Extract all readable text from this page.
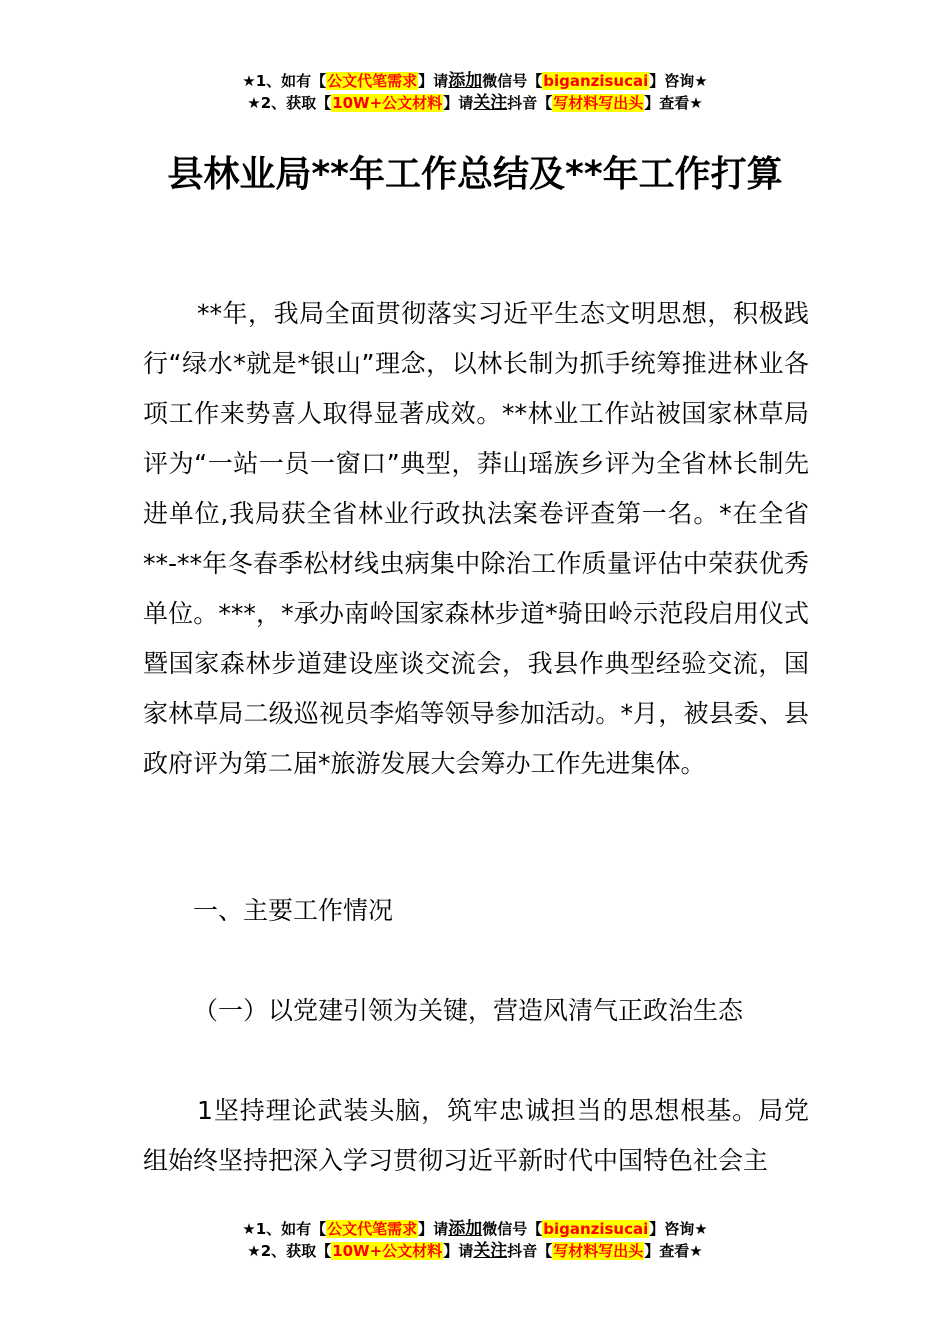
★1、如有【公文代笔需求】请添加微信号【biganzisucai】咨询★
★2、获取【10W+公文材料】请关注抖音【写材料写出头】查看★
县林业局**年工作总结及**年工作打算
**年，我局全面贯彻落实习近平生态文明思想，积极践行“绿水*就是*银山”理念，以林长制为抓手统筹推进林业各项工作来势喜人取得显著成效。**林业工作站被国家林草局评为“一站一员一窗口”典型，莽山瑶族乡评为全省林长制先进单位,我局获全省林业行政执法案卷评查第一名。*在全省**-**年冬春季松材线虫病集中除治工作质量评估中荣获优秀单位。***，*承办南岭国家森林步道*骑田岭示范段启用仪式暨国家森林步道建设座谈交流会，我县作典型经验交流，国家林草局二级巡视员李焰等领导参加活动。*月，被县委、县政府评为第二届*旅游发展大会筹办工作先进集体。
一、主要工作情况
（一）以党建引领为关键，营造风清气正政治生态
1坚持理论武装头脑，筑牢忠诚担当的思想根基。局党组始终坚持把深入学习贯彻习近平新时代中国特色社会主
★1、如有【公文代笔需求】请添加微信号【biganzisucai】咨询★
★2、获取【10W+公文材料】请关注抖音【写材料写出头】查看★
